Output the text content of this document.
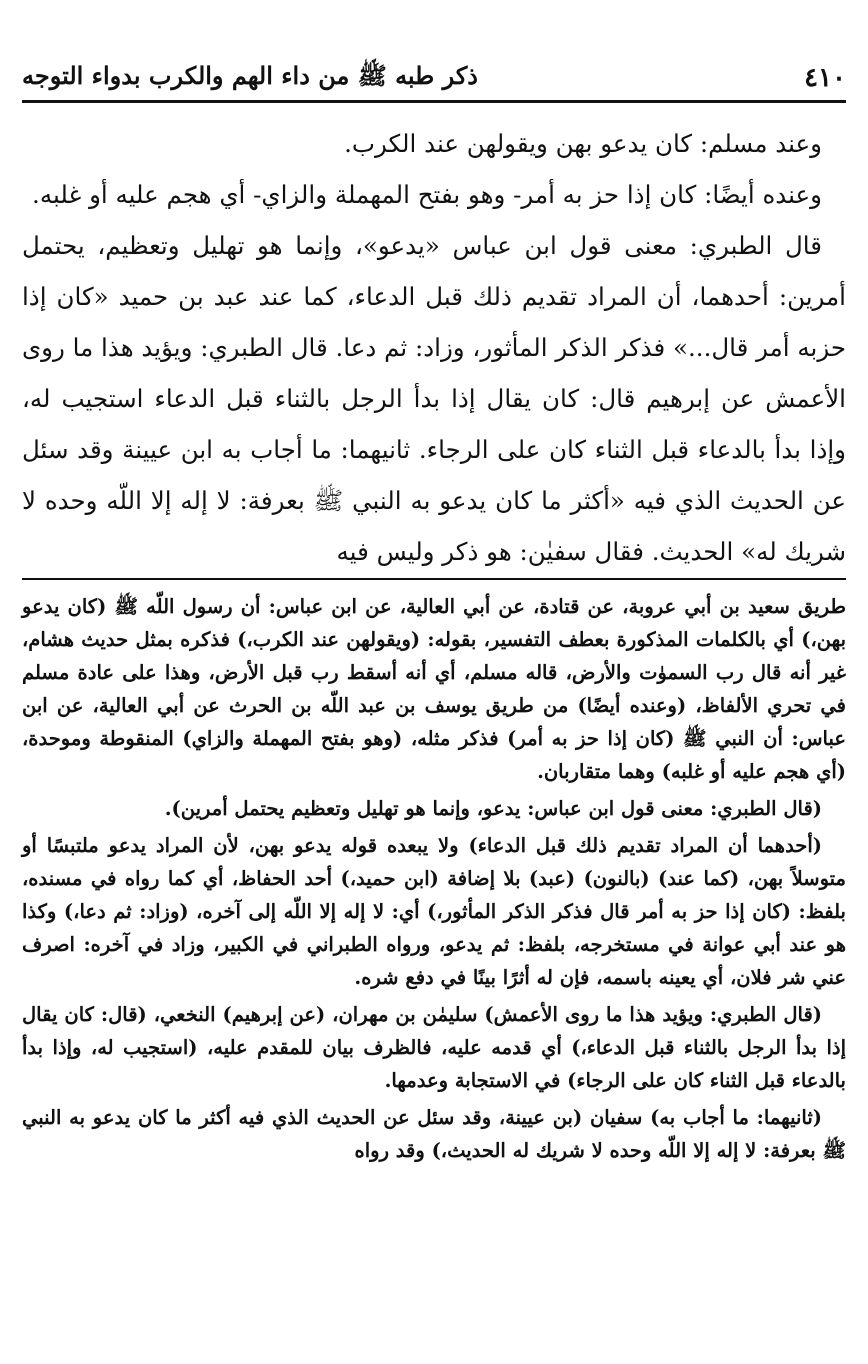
٤١٠
ذكر طبه ﷺ من داء الهم والكرب بدواء التوجه

وعند مسلم: كان يدعو بهن ويقولهن عند الكرب.

وعنده أيضًا: كان إذا حز به أمر- وهو بفتح المهملة والزاي- أي هجم عليه أو غلبه.

قال الطبري: معنى قول ابن عباس «يدعو»، وإنما هو تهليل وتعظيم، يحتمل أمرين: أحدهما، أن المراد تقديم ذلك قبل الدعاء، كما عند عبد بن حميد «كان إذا حزبه أمر قال...» فذكر الذكر المأثور، وزاد: ثم دعا. قال الطبري: ويؤيد هذا ما روى الأعمش عن إبرهيم قال: كان يقال إذا بدأ الرجل بالثناء قبل الدعاء استجيب له، وإذا بدأ بالدعاء قبل الثناء كان على الرجاء. ثانيهما: ما أجاب به ابن عيينة وقد سئل عن الحديث الذي فيه «أكثر ما كان يدعو به النبي ﷺ بعرفة: لا إله إلا اللّه وحده لا شريك له» الحديث. فقال سفيٰن: هو ذكر وليس فيه

طريق سعيد بن أبي عروبة، عن قتادة، عن أبي العالية، عن ابن عباس: أن رسول اللّه ﷺ (كان يدعو بهن،) أي بالكلمات المذكورة بعطف التفسير، بقوله: (ويقولهن عند الكرب،) فذكره بمثل حديث هشام، غير أنه قال رب السموٰت والأرض، قاله مسلم، أي أنه أسقط رب قبل الأرض، وهذا على عادة مسلم في تحري الألفاظ، (وعنده أيضًا) من طريق يوسف بن عبد اللّه بن الحرث عن أبي العالية، عن ابن عباس: أن النبي ﷺ (كان إذا حز به أمر) فذكر مثله، (وهو بفتح المهملة والزاي) المنقوطة وموحدة، (أي هجم عليه أو غلبه) وهما متقاربان.

(قال الطبري: معنى قول ابن عباس: يدعو، وإنما هو تهليل وتعظيم يحتمل أمرين).

(أحدهما أن المراد تقديم ذلك قبل الدعاء) ولا يبعده قوله يدعو بهن، لأن المراد يدعو ملتبسًا أو متوسلاً بهن، (كما عند) (بالنون) (عبد) بلا إضافة (ابن حميد،) أحد الحفاظ، أي كما رواه في مسنده، بلفظ: (كان إذا حز به أمر قال فذكر الذكر المأثور،) أي: لا إله إلا اللّه إلى آخره، (وزاد: ثم دعا،) وكذا هو عند أبي عوانة في مستخرجه، بلفظ: ثم يدعو، ورواه الطبراني في الكبير، وزاد في آخره: اصرف عني شر فلان، أي يعينه باسمه، فإن له أثرًا بينًا في دفع شره.

(قال الطبري: ويؤيد هذا ما روى الأعمش) سليمٰن بن مهران، (عن إبرهيم) النخعي، (قال: كان يقال إذا بدأ الرجل بالثناء قبل الدعاء،) أي قدمه عليه، فالظرف بيان للمقدم عليه، (استجيب له، وإذا بدأ بالدعاء قبل الثناء كان على الرجاء) في الاستجابة وعدمها.

(ثانيهما: ما أجاب به) سفيان (بن عيينة، وقد سئل عن الحديث الذي فيه أكثر ما كان يدعو به النبي ﷺ بعرفة: لا إله إلا اللّه وحده لا شريك له الحديث،) وقد رواه
